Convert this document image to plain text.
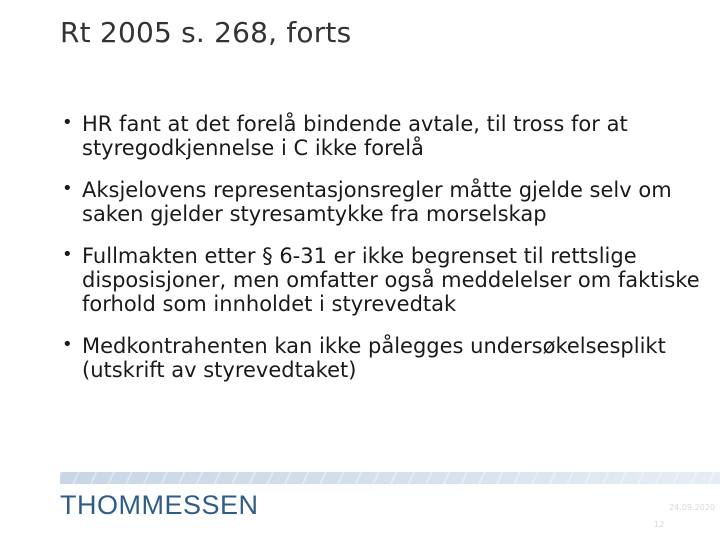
Rt 2005 s. 268, forts
• HR fant at det forelå bindende avtale, til tross for at styregodkjennelse i C ikke forelå
• Aksjelovens representasjonsregler måtte gjelde selv om saken gjelder styresamtykke fra morselskap
• Fullmakten etter § 6-31 er ikke begrenset til rettslige disposisjoner, men omfatter også meddelelser om faktiske forhold som innholdet i styrevedtak
• Medkontrahenten kan ikke pålegges undersøkelsesplikt (utskrift av styrevedtaket)
THOMMESSEN	24.09.2020
12
